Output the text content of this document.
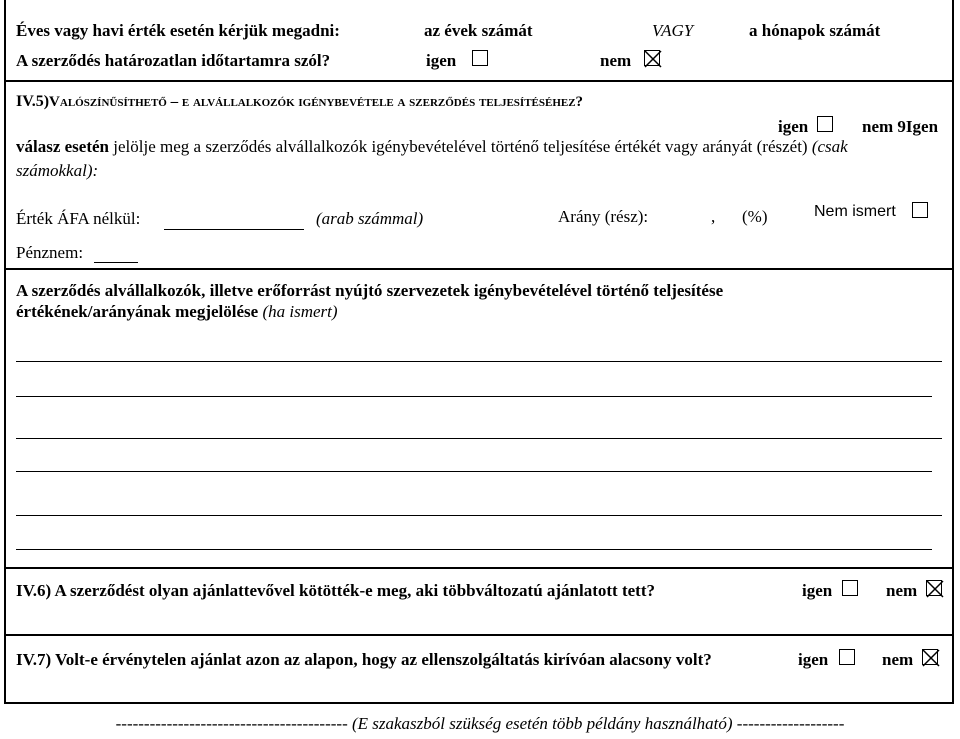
Éves vagy havi érték esetén kérjük megadni:	az évek számát	VAGY	a hónapok számát
A szerződés határozatlan időtartamra szól?	igen	nem
IV.5)Valószínűsíthető – e alvállalkozók igénybevétele a szerződés teljesítéséhez?
igen	nem 9Igen
válasz esetén jelölje meg a szerződés alvállalkozók igénybevételével történő teljesítése értékét vagy arányát (részét) (csak
számokkal):
Érték ÁFA nélkül:	(arab számmal)	Arány (rész):	, (%)	Nem ismert
Pénznem:
A szerződés alvállalkozók, illetve erőforrást nyújtó szervezetek igénybevételével történő teljesítése
értékének/arányának megjelölése (ha ismert)
IV.6) A szerződést olyan ajánlattevővel kötötték-e meg, aki többváltozatú ajánlatott tett?	igen	nem
IV.7) Volt-e érvénytelen ajánlat azon az alapon, hogy az ellenszolgáltatás kirívóan alacsony volt?	igen	nem
----------------------------------------- (E szakaszból szükség esetén több példány használható) -------------------
